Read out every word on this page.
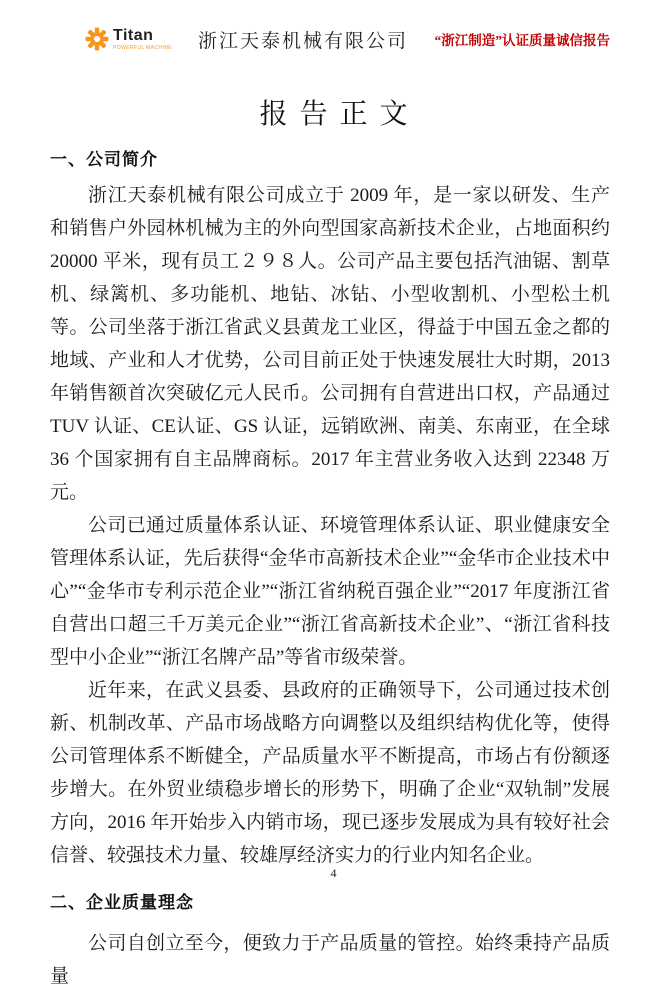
Titan
POWERFUL MACHINE 浙江天泰机械有限公司 “浙江制造”认证质量诚信报告
报告正文
一、公司简介

浙江天泰机械有限公司成立于 2009 年，是一家以研发、生产和销售户外园林机械为主的外向型国家高新技术企业，占地面积约 20000 平米，现有员工２９８人。公司产品主要包括汽油锯、割草机、绿篱机、多功能机、地钻、冰钻、小型收割机、小型松土机等。公司坐落于浙江省武义县黄龙工业区，得益于中国五金之都的地域、产业和人才优势，公司目前正处于快速发展壮大时期，2013　年销售额首次突破亿元人民币。公司拥有自营进出口权，产品通过　TUV 认证、CE认证、GS 认证，远销欧洲、南美、东南亚，在全球 36 个国家拥有自主品牌商标。2017 年主营业务收入达到 22348 万元。

公司已通过质量体系认证、环境管理体系认证、职业健康安全管理体系认证，先后获得“金华市高新技术企业”“金华市企业技术中心”“金华市专利示范企业”“浙江省纳税百强企业”“2017 年度浙江省自营出口超三千万美元企业”“浙江省高新技术企业”、“浙江省科技型中小企业”“浙江名牌产品”等省市级荣誉。

近年来，在武义县委、县政府的正确领导下，公司通过技术创新、机制改革、产品市场战略方向调整以及组织结构优化等，使得公司管理体系不断健全，产品质量水平不断提高，市场占有份额逐步增大。在外贸业绩稳步增长的形势下，明确了企业“双轨制”发展方向，2016 年开始步入内销市场，现已逐步发展成为具有较好社会信誉、较强技术力量、较雄厚经济实力的行业内知名企业。

二、企业质量理念

公司自创立至今，便致力于产品质量的管控。始终秉持产品质量

4
